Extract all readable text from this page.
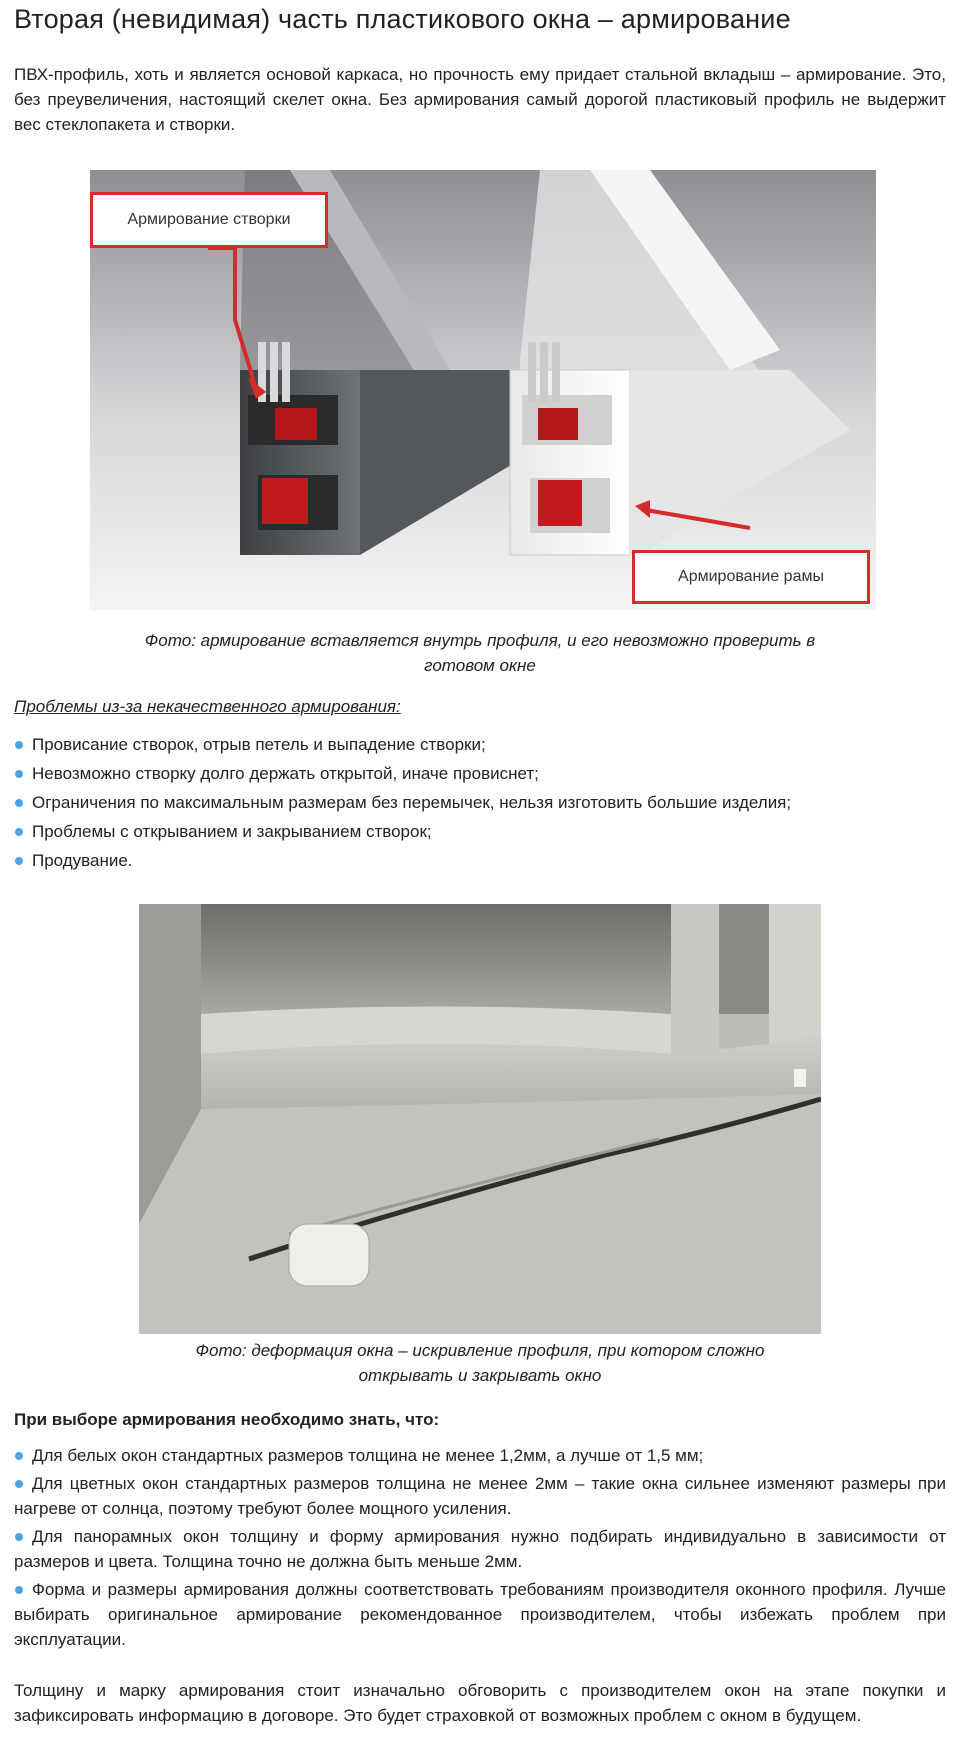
Вторая (невидимая) часть пластикового окна – армирование

ПВХ-профиль, хоть и является основой каркаса, но прочность ему придает стальной вкладыш – армирование. Это, без преувеличения, настоящий скелет окна. Без армирования самый дорогой пластиковый профиль не выдержит вес стеклопакета и створки.

Армирование створки
Армирование рамы

Фото: армирование вставляется внутрь профиля, и его невозможно проверить в готовом окне

Проблемы из-за некачественного армирования:

Провисание створок, отрыв петель и выпадение створки;
Невозможно створку долго держать открытой, иначе провиснет;
Ограничения по максимальным размерам без перемычек, нельзя изготовить большие изделия;
Проблемы с открыванием и закрыванием створок;
Продувание.

Фото: деформация окна – искривление профиля, при котором сложно открывать и закрывать окно

При выборе армирования необходимо знать, что:

Для белых окон стандартных размеров толщина не менее 1,2мм, а лучше от 1,5 мм;
Для цветных окон стандартных размеров толщина не менее 2мм – такие окна сильнее изменяют размеры при нагреве от солнца, поэтому требуют более мощного усиления.
Для панорамных окон толщину и форму армирования нужно подбирать индивидуально в зависимости от размеров и цвета. Толщина точно не должна быть меньше 2мм.
Форма и размеры армирования должны соответствовать требованиям производителя оконного профиля. Лучше выбирать оригинальное армирование рекомендованное производителем, чтобы избежать проблем при эксплуатации.

Толщину и марку армирования стоит изначально обговорить с производителем окон на этапе покупки и зафиксировать информацию в договоре. Это будет страховкой от возможных проблем с окном в будущем.
